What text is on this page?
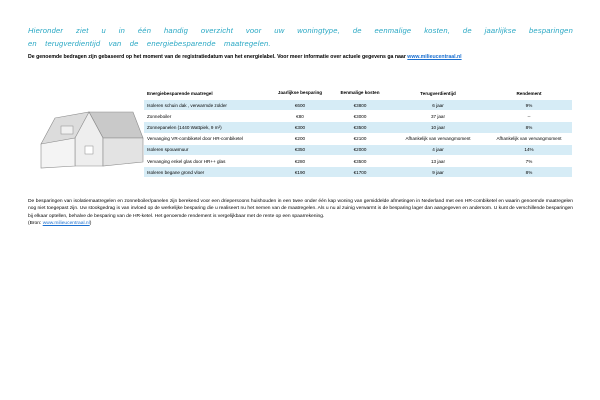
Hieronder ziet u in één handig overzicht voor uw woningtype, de eenmalige kosten, de jaarlijkse besparingen
en terugverdientijd van de energiebesparende maatregelen.
De genoemde bedragen zijn gebaseerd op het moment van de registratiedatum van het energielabel. Voor meer informatie over actuele gegevens ga naar www.milieucentraal.nl
Energiebesparende maatregel	Jaarlijkse besparing	Eenmalige kosten	Terugverdientijd	Rendement
Isoleren schuin dak , verwarmde zolder	€600	€3800	6 jaar	9%
Zonneboiler	€80	€3000	37 jaar	--
Zonnepanelen (1440 Wattpiek, 9 m²)	€300	€3500	10 jaar	8%
Vervanging VR-combiketel door HR-combiketel	€200	€2100	Afhankelijk van vervangmoment	Afhankelijk van vervangmoment
Isoleren spouwmuur	€350	€2000	4 jaar	14%
Vervanging enkel glas door HR++ glas	€280	€3500	13 jaar	7%
Isoleren begane grond vloer	€190	€1700	9 jaar	8%
De besparingen van isolatiemaatregelen en zonneboiler/panelen zijn berekend voor een driepersoons huishouden in een twee onder één kap woning van gemiddelde afmetingen in Nederland met een HR-combiketel en waarin genoemde maatregelen nog niet toegepast zijn. Uw stookgedrag is van invloed op de werkelijke besparing die u realiseert nu het nemen van de maatregelen. Als u nu al zuinig verwarmt is de besparing lager dan aangegeven en andersom. U kunt de verschillende besparingen bij elkaar optellen, behalve de besparing van de HR-ketel. Het genoemde rendement is vergelijkbaar met de rente op een spaarrekening.
(Bron: www.milieucentraal.nl)
